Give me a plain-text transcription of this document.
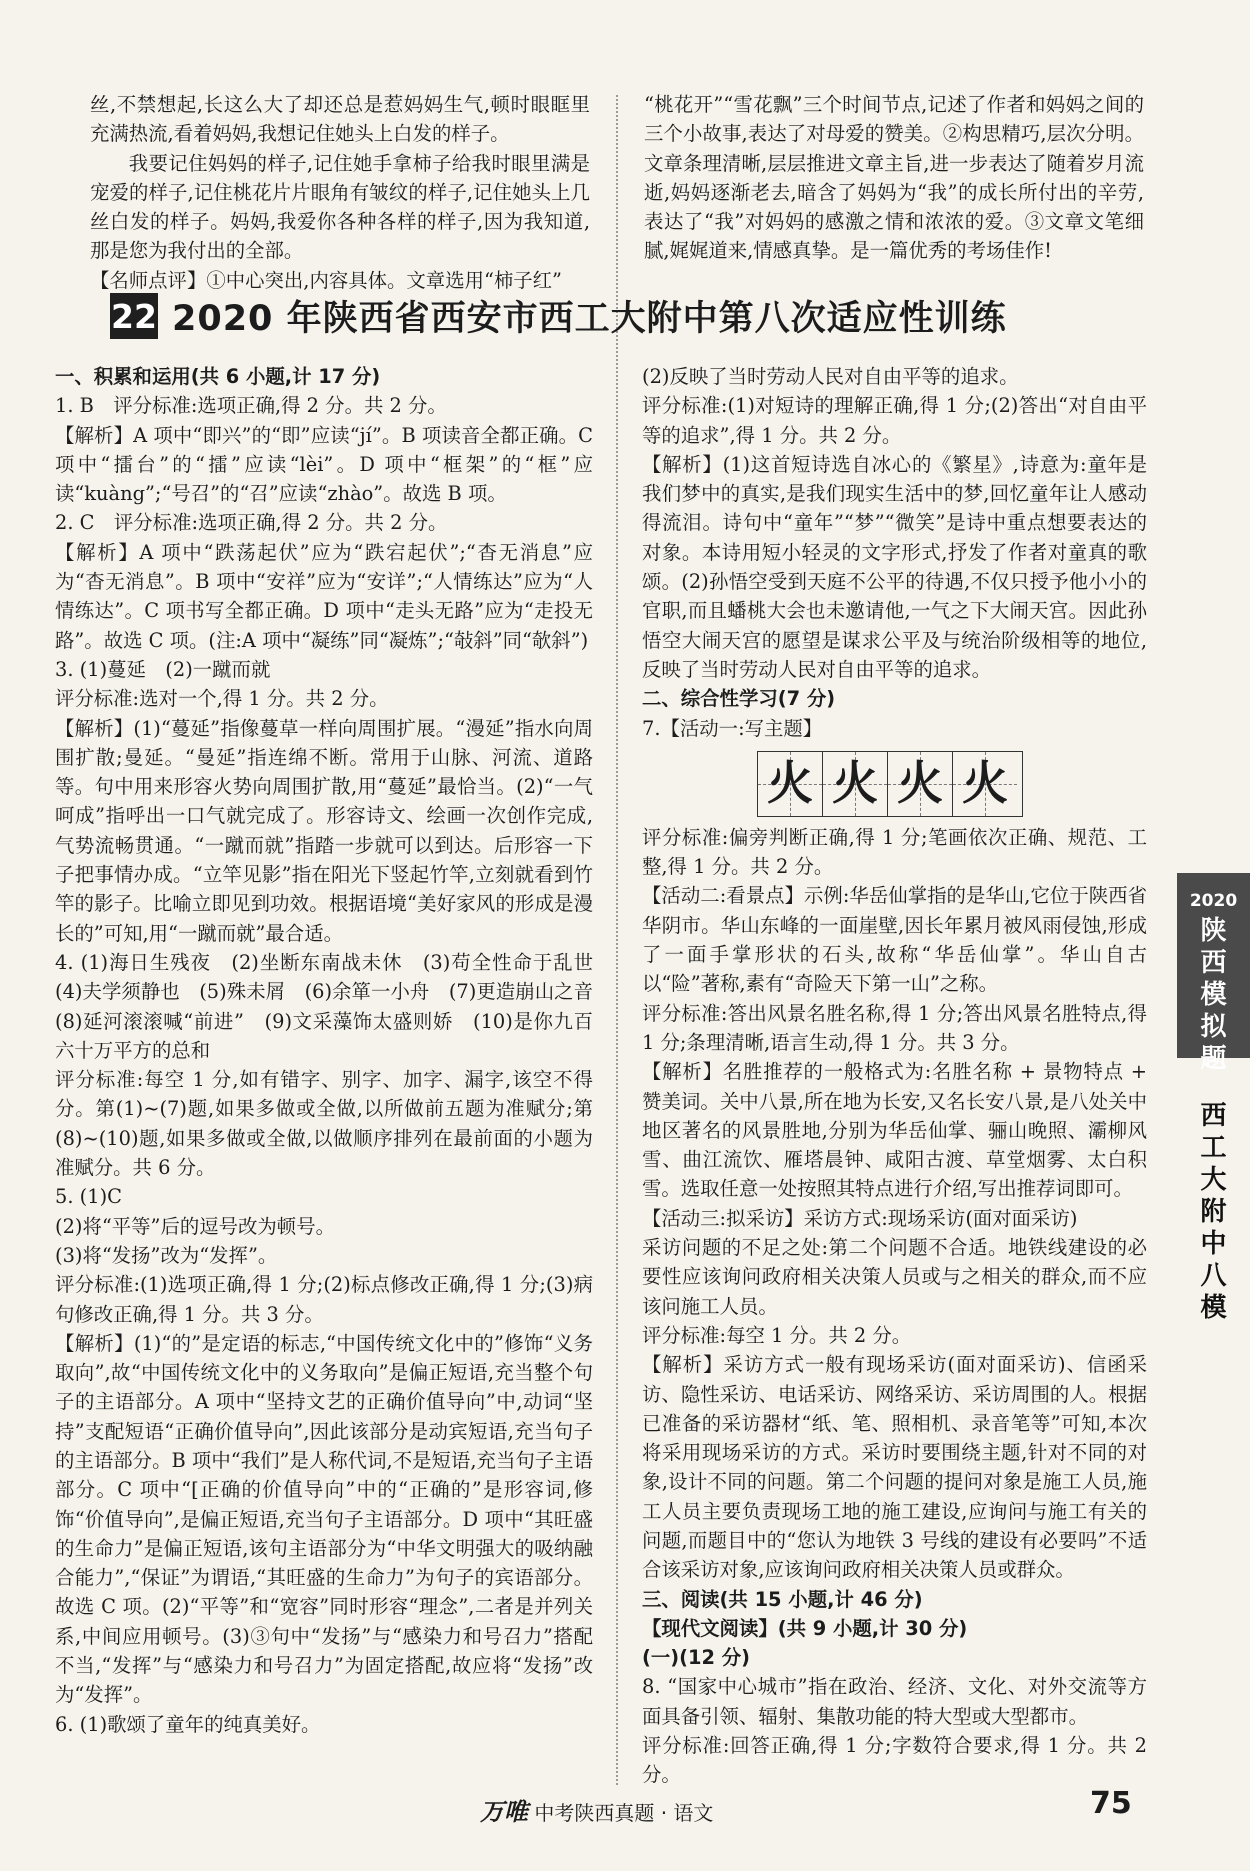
丝,不禁想起,长这么大了却还总是惹妈妈生气,顿时眼眶里充满热流,看着妈妈,我想记住她头上白发的样子。

我要记住妈妈的样子,记住她手拿柿子给我时眼里满是宠爱的样子,记住桃花片片眼角有皱纹的样子,记住她头上几丝白发的样子。妈妈,我爱你各种各样的样子,因为我知道,那是您为我付出的全部。

【名师点评】①中心突出,内容具体。文章选用“柿子红”

“桃花开”“雪花飘”三个时间节点,记述了作者和妈妈之间的三个小故事,表达了对母爱的赞美。②构思精巧,层次分明。文章条理清晰,层层推进文章主旨,进一步表达了随着岁月流逝,妈妈逐渐老去,暗含了妈妈为“我”的成长所付出的辛劳,表达了“我”对妈妈的感激之情和浓浓的爱。③文章文笔细腻,娓娓道来,情感真挚。是一篇优秀的考场佳作!

22 2020 年陕西省西安市西工大附中第八次适应性训练

一、积累和运用(共 6 小题,计 17 分)

1. B　评分标准:选项正确,得 2 分。共 2 分。

【解析】A 项中“即兴”的“即”应读“jí”。B 项读音全都正确。C 项中“擂台”的“擂”应读“lèi”。D 项中“框架”的“框”应读“kuàng”;“号召”的“召”应读“zhào”。故选 B 项。

2. C　评分标准:选项正确,得 2 分。共 2 分。

【解析】A 项中“跌荡起伏”应为“跌宕起伏”;“杳无消息”应为“杳无消息”。B 项中“安祥”应为“安详”;“人情练达”应为“人情练达”。C 项书写全都正确。D 项中“走头无路”应为“走投无路”。故选 C 项。(注:A 项中“凝练”同“凝炼”;“敧斜”同“欹斜”)

3. (1)蔓延　(2)一蹴而就

评分标准:选对一个,得 1 分。共 2 分。

【解析】(1)“蔓延”指像蔓草一样向周围扩展。“漫延”指水向周围扩散;曼延。“曼延”指连绵不断。常用于山脉、河流、道路等。句中用来形容火势向周围扩散,用“蔓延”最恰当。(2)“一气呵成”指呼出一口气就完成了。形容诗文、绘画一次创作完成,气势流畅贯通。“一蹴而就”指踏一步就可以到达。后形容一下子把事情办成。“立竿见影”指在阳光下竖起竹竿,立刻就看到竹竿的影子。比喻立即见到功效。根据语境“美好家风的形成是漫长的”可知,用“一蹴而就”最合适。

4. (1)海日生残夜　(2)坐断东南战未休　(3)苟全性命于乱世　(4)夫学须静也　(5)殊未屑　(6)余箪一小舟　(7)更造崩山之音　(8)延河滚滚喊“前进”　(9)文采藻饰太盛则娇　(10)是你九百六十万平方的总和

评分标准:每空 1 分,如有错字、别字、加字、漏字,该空不得分。第(1)~(7)题,如果多做或全做,以所做前五题为准赋分;第(8)~(10)题,如果多做或全做,以做顺序排列在最前面的小题为准赋分。共 6 分。

5. (1)C

(2)将“平等”后的逗号改为顿号。

(3)将“发扬”改为“发挥”。

评分标准:(1)选项正确,得 1 分;(2)标点修改正确,得 1 分;(3)病句修改正确,得 1 分。共 3 分。

【解析】(1)“的”是定语的标志,“中国传统文化中的”修饰“义务取向”,故“中国传统文化中的义务取向”是偏正短语,充当整个句子的主语部分。A 项中“坚持文艺的正确价值导向”中,动词“坚持”支配短语“正确价值导向”,因此该部分是动宾短语,充当句子的主语部分。B 项中“我们”是人称代词,不是短语,充当句子主语部分。C 项中“[正确的价值导向”中的“正确的”是形容词,修饰“价值导向”,是偏正短语,充当句子主语部分。D 项中“其旺盛的生命力”是偏正短语,该句主语部分为“中华文明强大的吸纳融合能力”,“保证”为谓语,“其旺盛的生命力”为句子的宾语部分。故选 C 项。(2)“平等”和“宽容”同时形容“理念”,二者是并列关系,中间应用顿号。(3)③句中“发扬”与“感染力和号召力”搭配不当,“发挥”与“感染力和号召力”为固定搭配,故应将“发扬”改为“发挥”。

6. (1)歌颂了童年的纯真美好。

(2)反映了当时劳动人民对自由平等的追求。

评分标准:(1)对短诗的理解正确,得 1 分;(2)答出“对自由平等的追求”,得 1 分。共 2 分。

【解析】(1)这首短诗选自冰心的《繁星》,诗意为:童年是我们梦中的真实,是我们现实生活中的梦,回忆童年让人感动得流泪。诗句中“童年”“梦”“微笑”是诗中重点想要表达的对象。本诗用短小轻灵的文字形式,抒发了作者对童真的歌颂。(2)孙悟空受到天庭不公平的待遇,不仅只授予他小小的官职,而且蟠桃大会也未邀请他,一气之下大闹天宫。因此孙悟空大闹天宫的愿望是谋求公平及与统治阶级相等的地位,反映了当时劳动人民对自由平等的追求。

二、综合性学习(7 分)

7.【活动一:写主题】

火 火 火 火

评分标准:偏旁判断正确,得 1 分;笔画依次正确、规范、工整,得 1 分。共 2 分。

【活动二:看景点】示例:华岳仙掌指的是华山,它位于陕西省华阴市。华山东峰的一面崖壁,因长年累月被风雨侵蚀,形成了一面手掌形状的石头,故称“华岳仙掌”。华山自古以“险”著称,素有“奇险天下第一山”之称。

评分标准:答出风景名胜名称,得 1 分;答出风景名胜特点,得 1 分;条理清晰,语言生动,得 1 分。共 3 分。

【解析】名胜推荐的一般格式为:名胜名称 + 景物特点 + 赞美词。关中八景,所在地为长安,又名长安八景,是八处关中地区著名的风景胜地,分别为华岳仙掌、骊山晚照、灞柳风雪、曲江流饮、雁塔晨钟、咸阳古渡、草堂烟雾、太白积雪。选取任意一处按照其特点进行介绍,写出推荐词即可。

【活动三:拟采访】采访方式:现场采访(面对面采访)

采访问题的不足之处:第二个问题不合适。地铁线建设的必要性应该询问政府相关决策人员或与之相关的群众,而不应该问施工人员。

评分标准:每空 1 分。共 2 分。

【解析】采访方式一般有现场采访(面对面采访)、信函采访、隐性采访、电话采访、网络采访、采访周围的人。根据已准备的采访器材“纸、笔、照相机、录音笔等”可知,本次将采用现场采访的方式。采访时要围绕主题,针对不同的对象,设计不同的问题。第二个问题的提问对象是施工人员,施工人员主要负责现场工地的施工建设,应询问与施工有关的问题,而题目中的“您认为地铁 3 号线的建设有必要吗”不适合该采访对象,应该询问政府相关决策人员或群众。

三、阅读(共 15 小题,计 46 分)

【现代文阅读】(共 9 小题,计 30 分)

(一)(12 分)

8. “国家中心城市”指在政治、经济、文化、对外交流等方面具备引领、辐射、集散功能的特大型或大型都市。

评分标准:回答正确,得 1 分;字数符合要求,得 1 分。共 2 分。

2020
陕西模拟题
西工大附中八模
万唯 中考陕西真题 · 语文	75
